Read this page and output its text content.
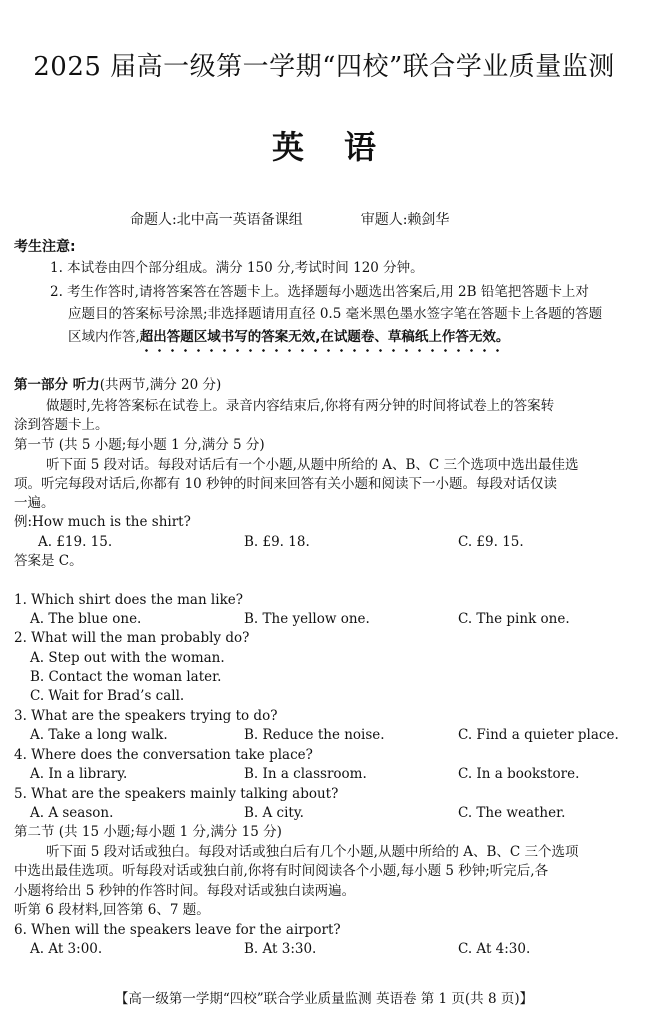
2025 届高一级第一学期“四校”联合学业质量监测
英语
命题人:北中高一英语备课组	审题人:赖剑华
考生注意:
1. 本试卷由四个部分组成。满分 150 分,考试时间 120 分钟。
2. 考生作答时,请将答案答在答题卡上。选择题每小题选出答案后,用 2B 铅笔把答题卡上对
应题目的答案标号涂黑;非选择题请用直径 0.5 毫米黑色墨水签字笔在答题卡上各题的答题
区域内作答,超出答题区域书写的答案无效,在试题卷、草稿纸上作答无效。
第一部分 听力(共两节,满分 20 分)
做题时,先将答案标在试卷上。录音内容结束后,你将有两分钟的时间将试卷上的答案转
涂到答题卡上。
第一节 (共 5 小题;每小题 1 分,满分 5 分)
听下面 5 段对话。每段对话后有一个小题,从题中所给的 A、B、C 三个选项中选出最佳选
项。听完每段对话后,你都有 10 秒钟的时间来回答有关小题和阅读下一小题。每段对话仅读
一遍。
例:How much is the shirt?
A. £19. 15.	B. £9. 18.	C. £9. 15.
答案是 C。
1. Which shirt does the man like?
A. The blue one.	B. The yellow one.	C. The pink one.
2. What will the man probably do?
A. Step out with the woman.
B. Contact the woman later.
C. Wait for Brad’s call.
3. What are the speakers trying to do?
A. Take a long walk.	B. Reduce the noise.	C. Find a quieter place.
4. Where does the conversation take place?
A. In a library.	B. In a classroom.	C. In a bookstore.
5. What are the speakers mainly talking about?
A. A season.	B. A city.	C. The weather.
第二节 (共 15 小题;每小题 1 分,满分 15 分)
听下面 5 段对话或独白。每段对话或独白后有几个小题,从题中所给的 A、B、C 三个选项
中选出最佳选项。听每段对话或独白前,你将有时间阅读各个小题,每小题 5 秒钟;听完后,各
小题将给出 5 秒钟的作答时间。每段对话或独白读两遍。
听第 6 段材料,回答第 6、7 题。
6. When will the speakers leave for the airport?
A. At 3:00.	B. At 3:30.	C. At 4:30.
【高一级第一学期“四校”联合学业质量监测 英语卷 第 1 页(共 8 页)】
